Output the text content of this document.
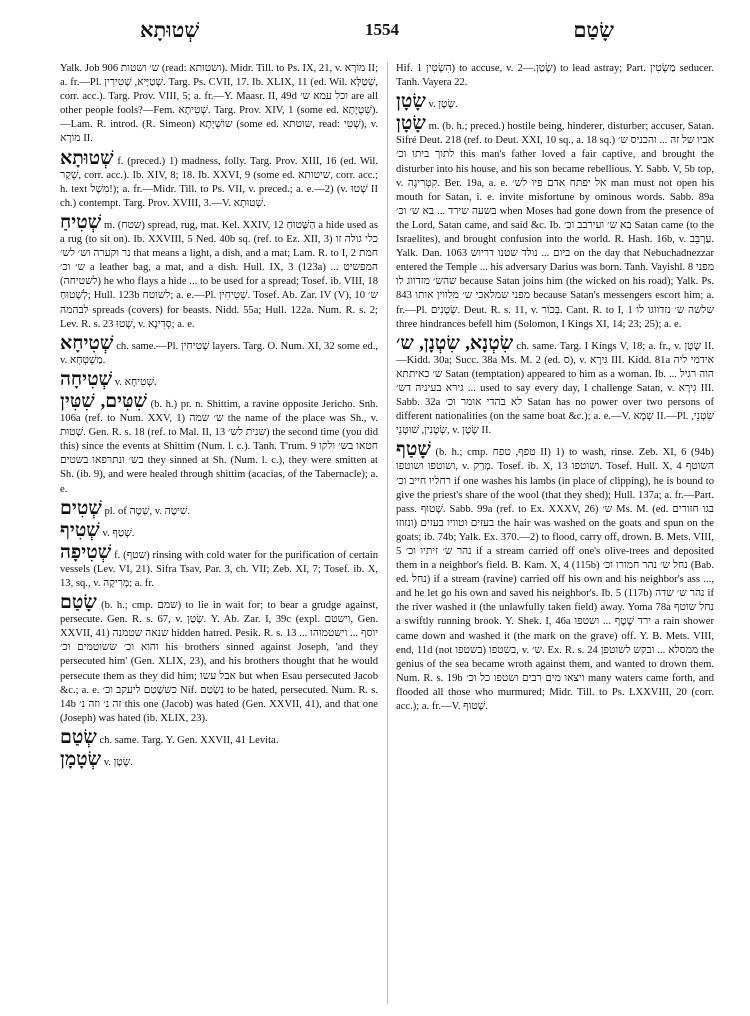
שְׁטוּתָא	1554	שָׂטַם

Yalk. Job 906 ש׳ ושטות (read: ושטותא). Midr. Till. to Ps. IX, 21, v. מוֹרָא II; a. fr.—Pl. שְׁטַיָּיא, שְׁטִירִין. Targ. Ps. CVII, 17. Ib. XLIX, 11 (ed. Wil. שְׁטַלָּא, corr. acc.). Targ. Prov. VIII, 5; a. fr.—Y. Maasr. II, 49d וכל עמא ש׳ are all other people fools?—Fem. שְׁטִיתָא. Targ. Prov. XIV, 1 (some ed. שִׁטְיָתָא).—Lam. R. introd. (R. Simeon) שוֹשְׁיְתָא (some ed. שוטתא, read: שְׁטִי), v. מוֹרָא II.

שְׁטוּתָא f. (preced.) 1) madness, folly. Targ. Prov. XIII, 16 (ed. Wil. שְׁקָר, corr. acc.). Ib. XIV, 8; 18. Ib. XXVI, 9 (some ed. שיטותא, corr. acc.; h. text מִשָׁל!); a. fr.—Midr. Till. to Ps. VII, v. preced.; a. e.—2) (v. שְׁטוּ II ch.) contempt. Targ. Prov. XVIII, 3.—V. שְׁטוּתָא.

שְׁטִיחַ m. (שטח) spread, rug, mat. Kel. XXIV, 12 הַשָּׁטוּחַ a hide used as a rug (to sit on). Ib. XXVIII, 5 Ned. 40b sq. (ref. to Ez. XII, 3) כלי גולה זו נר וקערה וש׳ לש׳ that means a light, a dish, and a mat; Lam. R. to I, 2 חמת ש׳ וכ׳ a leather bag, a mat, and a dish. Hull. IX, 3 (123a) המפשיט ... (לשטיחה) he who flays a hide ... to be used for a spread; Tosef. ib. VIII, 18 לְשָׁטוּחַ; Hull. 123b לשוטח; a. e.—Pl. שְׁטִיחִין. Tosef. Ab. Zar. IV (V), 10 ש׳ לבהמה spreads (covers) for beasts. Nidd. 55a; Hull. 122a. Num. R. s. 2; Lev. R. s. 23 שְׁטוּ, v. סְדִינָא; a. e.

שְׁטִיחָא ch. same.—Pl. שְׁטִיחִין layers. Targ. O. Num. XI, 32 some ed., v. מַשְׁטְחָא.

שְׁטִיחָה v. שְׁטִיחָא.

שִׁטִּים, שִׁטִּין (b. h.) pr. n. Shittim, a ravine opposite Jericho. Snh. 106a (ref. to Num. XXV, 1) ש׳ שמה the name of the place was Sh., v. שְׁטוּת. Gen. R. s. 18 (ref. to Mal. II, 13 שנית לש׳) the second time (you did this) since the events at Shittim (Num. l. c.). Tanh. T'rum. 9 חטאו בש׳ ולקו בש׳ ונתרפאו בשטים they sinned at Sh. (Num. l. c.), they were smitten at Sh. (ib. 9), and were healed through shittim (acacias, of the Tabernacle); a. e.

שְׁטִים pl. of שְׁטָה, v. שִׁיטָה.

שְׁטִיף v. שְׁטַף.

שְׁטִיפָה f. (שטף) rinsing with cold water for the purification of certain vessels (Lev. VI, 21). Sifra Tsav, Par. 3, ch. VII; Zeb. XI, 7; Tosef. ib. X, 13, sq., v. מְרִיקָה; a. fr.

שָׂטַם (b. h.; cmp. שמם) to lie in wait for; to bear a grudge against, persecute. Gen. R. s. 67, v. שָׂטַן. Y. Ab. Zar. I, 39c (expl. וישטם, Gen. XXVII, 41) שנאה שטמנה hidden hatred. Pesik. R. s. 13 ... יוסף ... וישטמוהו והוא וכ׳ ששוטמים וכ׳ his brothers sinned against Joseph, 'and they persecuted him' (Gen. XLIX, 23), and his brothers thought that he would persecute them as they did him; אבל עשו but when Esau persecuted Jacob &c.; a. e. כששָׁטַם ליעקב וכ׳ Nif. נִשְׂטַם to be hated, persecuted. Num. R. s. 14b זה נ׳ וזה נ׳ this one (Jacob) was hated (Gen. XXVII, 41), and that one (Joseph) was hated (ib. XLIX, 23).

שְׂטַם ch. same. Targ. Y. Gen. XXVII, 41 Levita.

שְׂטָמָן v. שָׂטָן.

Hif. הִשְׂטִין 1) to accuse, v. שָׂטַן.—2) to lead astray; Part. מַשְׂטִין seducer. Tanh. Vayera 22.

שָׂטָן v. שָׂטָן.

שָׂטָן m. (b. h.; preced.) hostile being, hinderer, disturber; accuser, Satan. Sifré Deut. 218 (ref. to Deut. XXI, 10 sq., a. 18 sq.) אביו של זה ... והכניס ש׳ לתוך ביתו וכ׳ this man's father loved a fair captive, and brought the disturber into his house, and his son became rebellious. Y. Sabb. V, 5b top, v. קִטְרִיגָה. Ber. 19a, a. e. אל יפתח אדם פיו לש׳ man must not open his mouth for Satan, i. e. invite misfortune by ominous words. Sabb. 89a בשעה שירד ... בא ש׳ וכ׳ when Moses had gone down from the presence of the Lord, Satan came, and said &c. Ib. בא ש׳ ועירבב וכ׳ Satan came (to the Israelites), and brought confusion into the world. R. Hash. 16b, v. עַרְבֵּב. Yalk. Dan. 1063 ביום ... נולד שטנו דריוש on the day that Nebuchadnezzar entered the Temple ... his adversary Darius was born. Tanh. Vayishl. 8 מפני שהש׳ מזדווג לו because Satan joins him (the wicked on his road); Yalk. Ps. 843 מפני שמלאכי ש׳ מלווין אותו because Satan's messengers escort him; a. fr.—Pl. שְׂטָנִים. Deut. R. s. 11, v. בְּכוֹר. Cant. R. to I, 1 שלשה ש׳ נזדווגו לו three hindrances befell him (Solomon, I Kings XI, 14; 23; 25); a. e.

שִׂטְנָא, שִׂטְנָן, ש׳ ch. same. Targ. I Kings V, 18; a. fr., v. שָׂטָן II.—Kidd. 30a; Succ. 38a Ms. M. 2 (ed. ס), v. גִּירָא III. Kidd. 81a אידמי ליה ש׳ כאיתתא Satan (temptation) appeared to him as a woman. Ib. הוה רגיל ... גירא בעיניה דש׳ ... used to say every day, I challenge Satan, v. גִּירָא III. Sabb. 32a לא בהדי אומר וכ׳ Satan has no power over two persons of different nationalities (on the same boat &c.); a. e.—V. שְׁמָא II.—Pl. שִׂטְנֵי, שְׂטָנִין, שׁוּטְנֵי, v. שָׂטָן II.

שָׁטַף (b. h.; cmp. טפף, טפח II) 1) to wash, rinse. Zeb. XI, 6 (94b) ושוטפו ושוטפו, v. מָרַק. Tosef. ib. X, 13 ושוטפו. Tosef. Hull. X, 4 השוטף רחליו חייב וכ׳ if one washes his lambs (in place of clipping), he is bound to give the priest's share of the wool (that they shed); Hull. 137a; a. fr.—Part. pass. שָׁטוּף. Sabb. 99a (ref. to Ex. XXXV, 26) ש׳ Ms. M. (ed. בגו חזורים ונזוזו) בעזים וטוויו בעזים the hair was washed on the goats and spun on the goats; ib. 74b; Yalk. Ex. 370.—2) to flood, carry off, drown. B. Mets. VIII, 5 נהר ש׳ זיתיו וכ׳ if a stream carried off one's olive-trees and deposited them in a neighbor's field. B. Kam. X, 4 (115b) נחל ש׳ נהר חמורו וכ׳ (Bab. ed. נחל) if a stream (ravine) carried off his own and his neighbor's ass ..., and he let go his own and saved his neighbor's. Ib. 5 (117b) נהר ש׳ שדה if the river washed it (the unlawfully taken field) away. Yoma 78a נחל שוטף a swiftly running brook. Y. Shek. I, 46a ירד שֶׁטֶף ... ושטפו a rain shower came down and washed it (the mark on the grave) off. Y. B. Mets. VIII, end, 11d (not בשטפו) בשטפו, v. ש׳. Ex. R. s. 24 ממסלא ... ובקש לשוטפן the genius of the sea became wroth against them, and wanted to drown them. Num. R. s. 19b ויצאו מים רבים ושטפו כל וכ׳ many waters came forth, and flooded all those who murmured; Midr. Till. to Ps. LXXVIII, 20 (corr. acc.); a. fr.—V. שָׁטוּף.
